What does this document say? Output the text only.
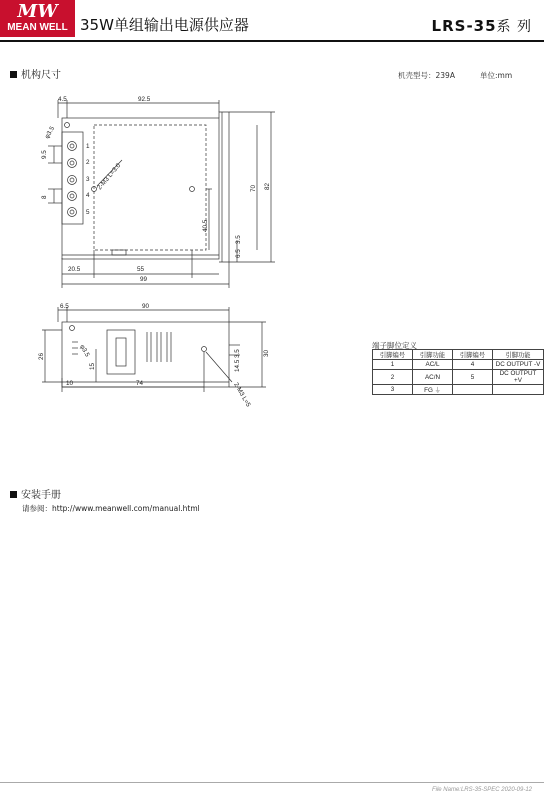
MW
MEAN WELL 35W单组输出电源供应器	LRS-35系 列
机构尺寸	机壳型号：239A	单位:mm
4.5	92.5
9.5
8
70 82
40.5
3.5
6.5
20.5	55
99
φ3.5
2-M3 L=3.0
1
2
3
4
5
6.5	90
26
15
3.5
14.5
30
10	74
φ3.5
2-M3 L=5
端子脚位定义
引脚编号	引脚功能	引脚编号	引脚功能
1	AC/L	4	DC OUTPUT -V
2	AC/N	5	DC OUTPUT +V
3	FG ⏚		
安装手册
请参阅：http://www.meanwell.com/manual.html
File Name:LRS-35-SPEC 2020-09-12
